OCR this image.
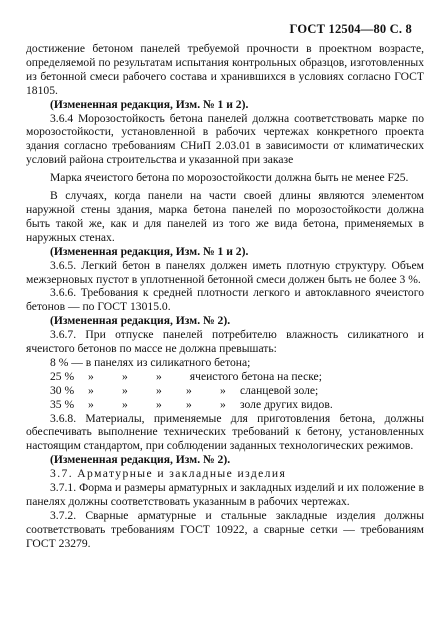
ГОСТ 12504—80 С. 8

достижение бетоном панелей требуемой прочности в проектном возрасте, определяемой по результатам испытания контрольных образцов, изготовленных из бетонной смеси рабочего состава и хранившихся в условиях согласно ГОСТ 18105.

(Измененная редакция, Изм. № 1 и 2).

3.6.4 Морозостойкость бетона панелей должна соответствовать марке по морозостойкости, установленной в рабочих чертежах конкретного проекта здания согласно требованиям СНиП 2.03.01 в зависимости от климатических условий района строительства и указанной при заказе

Марка ячеистого бетона по морозостойкости должна быть не менее F25.

В случаях, когда панели на части своей длины являются элементом наружной стены здания, марка бетона панелей по морозостойкости должна быть такой же, как и для панелей из того же вида бетона, применяемых в наружных стенах.

(Измененная редакция, Изм. № 1 и 2).

3.6.5. Легкий бетон в панелях должен иметь плотную структуру. Объем межзерновых пустот в уплотненной бетонной смеси должен быть не более 3 %.

3.6.6. Требования к средней плотности легкого и автоклавного ячеистого бетонов — по ГОСТ 13015.0.

(Измененная редакция, Изм. № 2).

3.6.7. При отпуске панелей потребителю влажность силикатного и ячеистого бетонов по массе не должна превышать:

8 % — в панелях из силикатного бетона;

25 %	»	»	»	ячеистого бетона на песке;
30 %	»	»	»	»	»	сланцевой золе;
35 %	»	»	»	»	»	золе других видов.

3.6.8. Материалы, применяемые для приготовления бетона, должны обеспечивать выполнение технических требований к бетону, установленных настоящим стандартом, при соблюдении заданных технологических режимов.

(Измененная редакция, Изм. № 2).

3.7. Арматурные и закладные изделия

3.7.1. Форма и размеры арматурных и закладных изделий и их положение в панелях должны соответствовать указанным в рабочих чертежах.

3.7.2. Сварные арматурные и стальные закладные изделия должны соответствовать требованиям ГОСТ 10922, а сварные сетки — требованиям ГОСТ 23279.
